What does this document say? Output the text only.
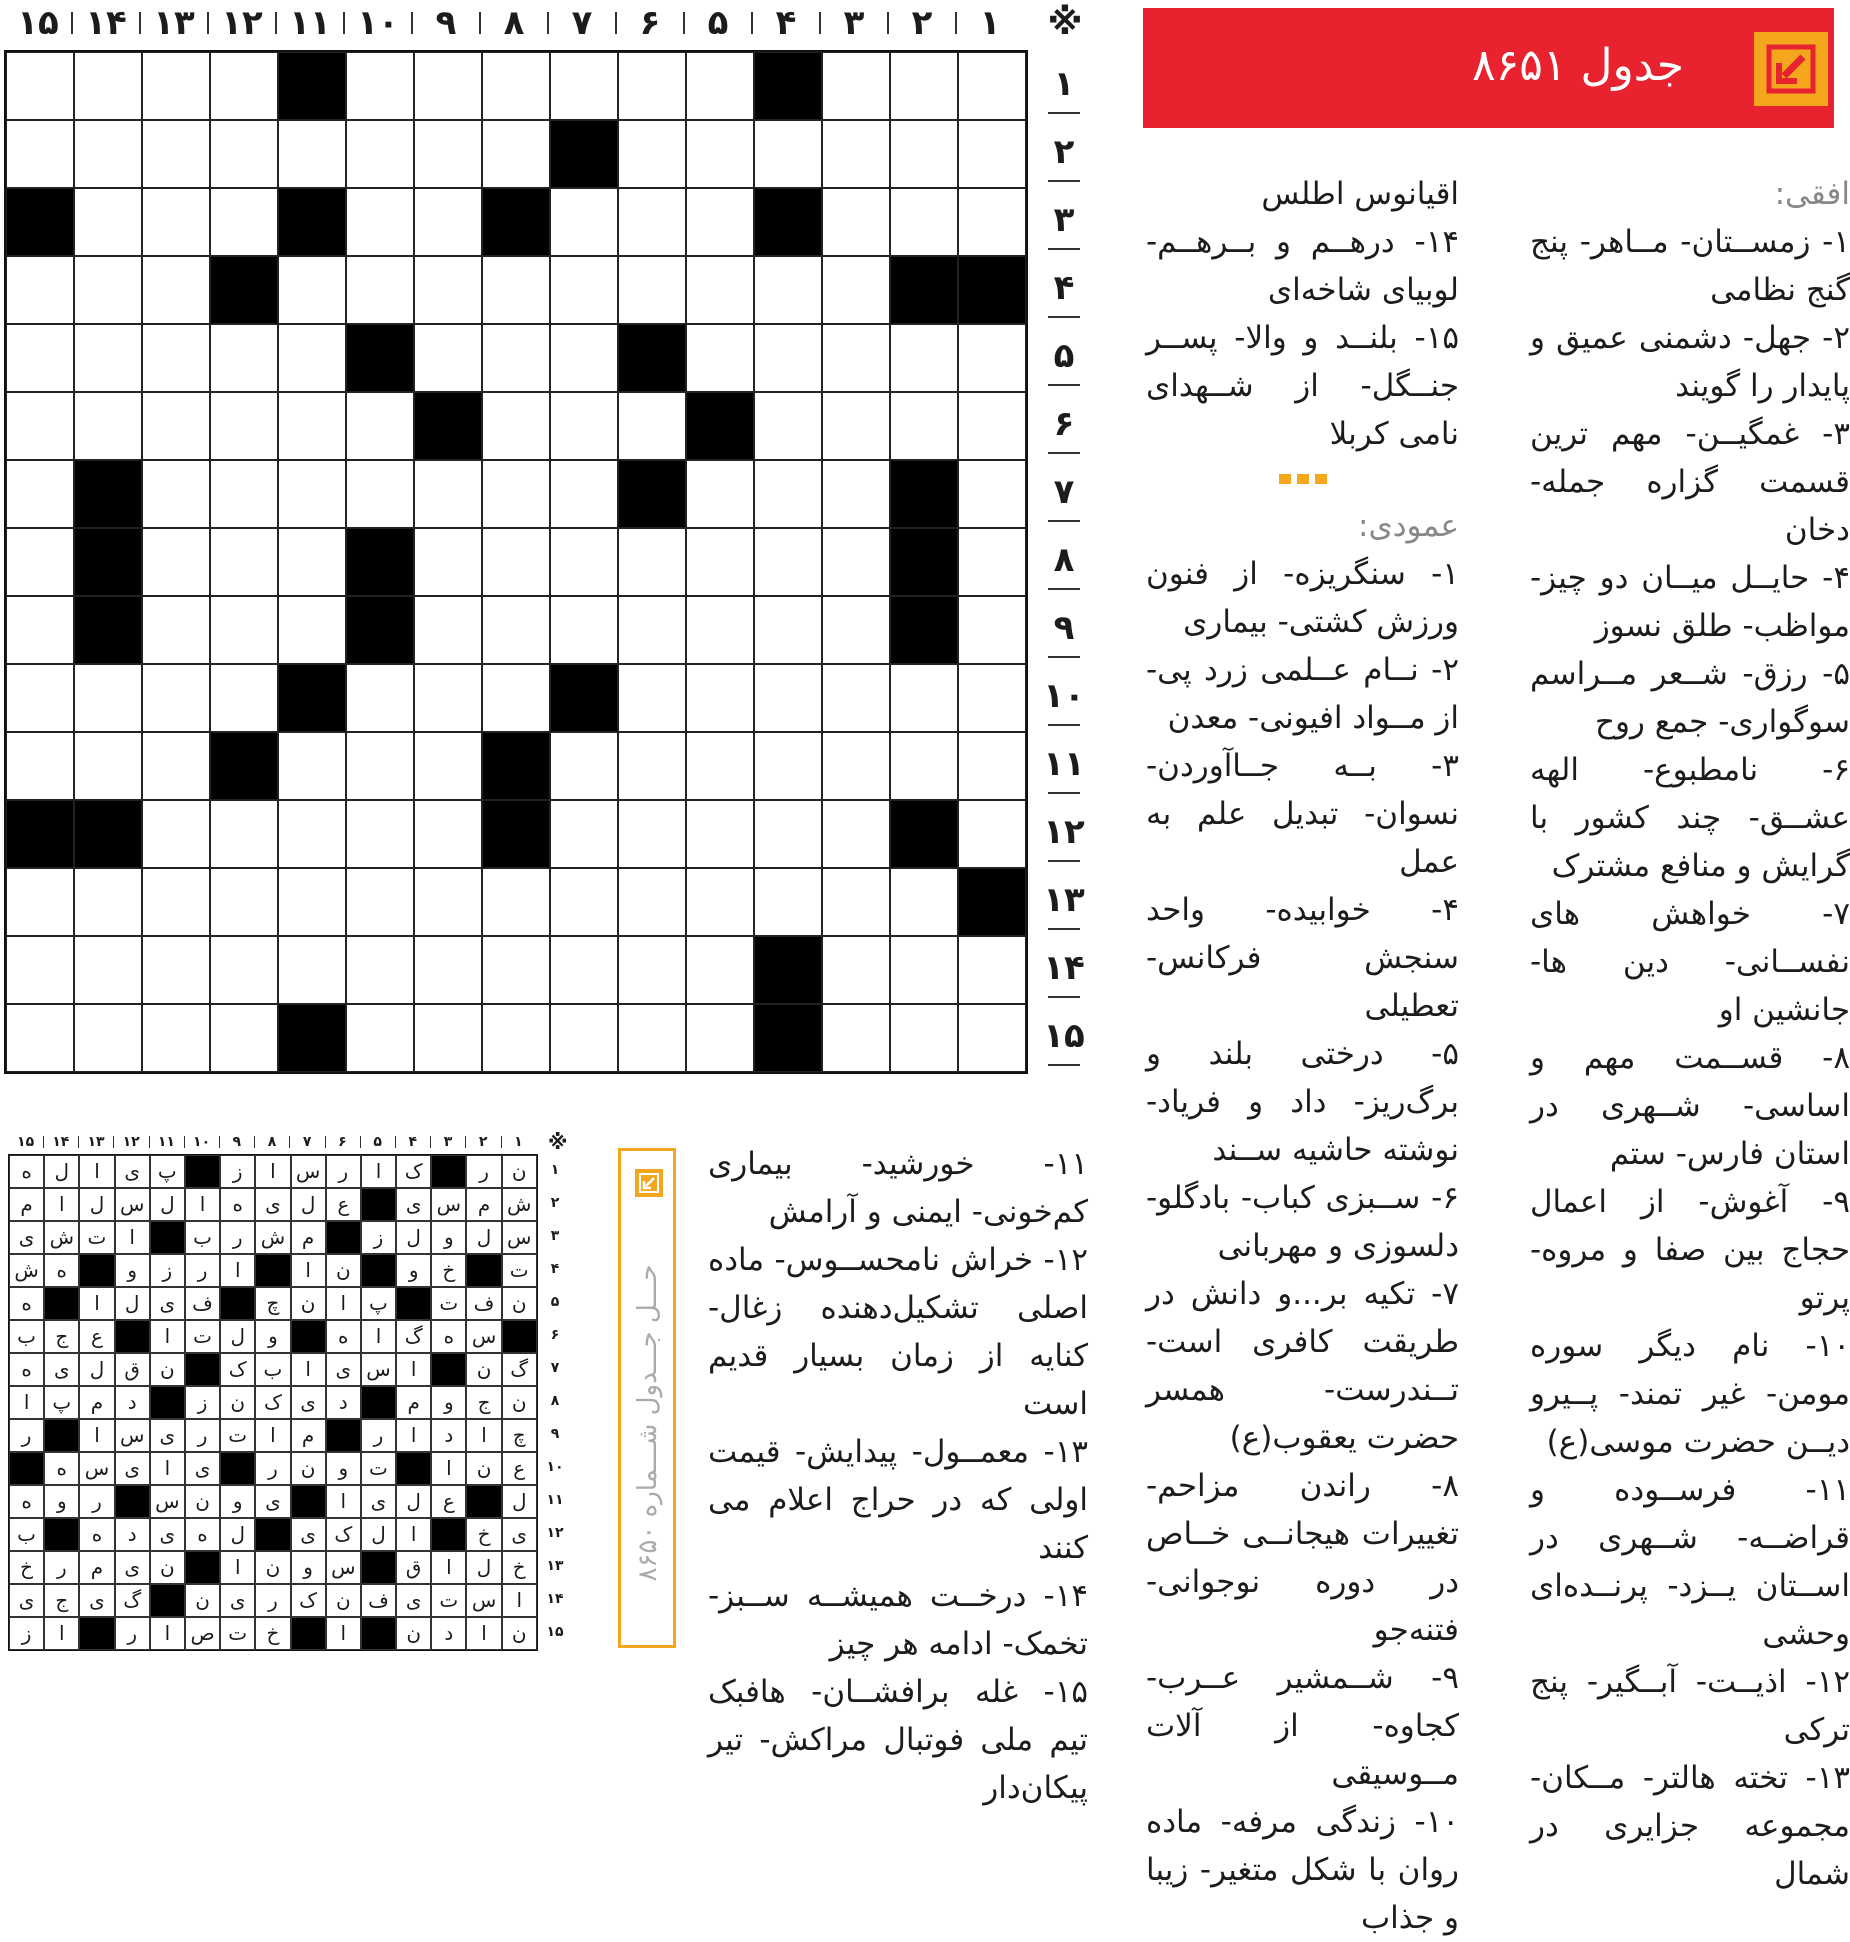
۱۵ ۱۴ ۱۳ ۱۲ ۱۱ ۱۰	۹	۸	۷	۶	۵	۴	۳	۲	۱	※
۱
۲
۳
۴
۵
۶
۷
۸
۹
۱۰
۱۱
۱۲
۱۳
۱۴
۱۵
جدول ۸۶۵۱
افقی:

۱- زمســتان- مــاهر- پنج گنج نظامی

۲- جهل- دشمنی عمیق و پایدار را گویند

۳- غمگیــن- مهم ترین قسمت گزاره جمله- دخان

۴- حایــل میــان دو چیز- مواظب- طلق نسوز

۵- رزق- شــعر مــراسم سوگواری- جمع روح

۶- نامطبوع- الهه عشــق- چند کشور با گرایش و منافع مشترک

۷- خواهش های نفســانی- دین ها- جانشین او

۸- قســمت مهم و اساسی- شــهری در استان فارس- ستم

۹- آغوش- از اعمال حجاج بین صفا و مروه- پرتو

۱۰- نام دیگر سوره مومن- غیر تمند- پــیرو دیــن حضرت موسی(ع)

۱۱- فرســوده و قراضــه- شــهری در اســتان یــزد- پرنــده‌ای وحشی

۱۲- اذیــت- آبــگیر- پنج ترکی

۱۳- تخته هالتر- مــکان- مجموعه جزایری در شمال

اقیانوس اطلس

۱۴- درهــم و بــرهــم- لوبیای شاخه‌ای

۱۵- بلنــد و والا- پســر جنــگل- از شــهدای نامی کربلا

عمودی:

۱- سنگریزه- از فنون ورزش کشتی- بیماری

۲- نــام عــلمی زرد پی- از مــواد افیونی- معدن

۳- بــه جــاآوردن- نسوان- تبدیل علم به عمل

۴- خوابیده- واحد سنجش فرکانس- تعطیلی

۵- درختی بلند و برگ‌ریز- داد و فریاد- نوشته حاشیه ســند

۶- ســبزی کباب- بادگلو- دلسوزی و مهربانی

۷- تکیه بر...و دانش در طریقت کافری است- تــندرست- همسر حضرت یعقوب(ع)

۸- راندن مزاحم- تغییرات هیجانــی خــاص در دوره نوجوانی- فتنه‌جو

۹- شــمشیر عــرب- کجاوه- از آلات مــوسیقی

۱۰- زندگی مرفه- ماده روان با شکل متغیر- زیبا و جذاب

۱۱- خورشید- بیماری کم‌خونی- ایمنی و آرامش

۱۲- خراش نامحســوس- ماده اصلی تشکیل‌دهنده زغال- کنایه از زمان بسیار قدیم است

۱۳- معمــول- پیدایش- قیمت اولی که در حراج اعلام می کنند

۱۴- درخــت همیشــه ســبز- تخمک- ادامه هر چیز

۱۵- غله برافشــان- هافبک تیم ملی فوتبال مراکش- تیر پیکان‌دار

حـــل جـــدول شـــماره ۸۶۵۰
۱۵	۱۴	۱۳	۱۲	۱۱	۱۰	۹	۸	۷	۶	۵	۴	۳	۲	۱	※
ه	ل	ا	ی پ	ز	ا	س ر	ا	ک	ر	ن
م	ا	ل س ل	ا	ه	ی	ل	ع	ی س م ش
ی ش ت	ا	ب	ر ش م	ز	ل	و	ل س
ش ه	و	ز	ر	ا	ا	ن	و	خ	ت
ه	ا	ل	ی ف	چ	ن	ا	پ	ت ف ن
ب ج	ع	ا	ت ل	و	ه	ا	گ	ه س
ه	ی	ل	ق	ن	ک ب	ا	ی س	ا	ن گ
ا	پ م	د	ز	ن ک ی	د	م	و	ج	ن
ر	ا	س ی	ر	ت	ا	م	ر	ا	د	ا	چ
ه س ی	ا	ی	ر	ن	و	ت	ا	ن	ع
ه	و	ر	س ن	و	ی	ا	ی	ل	ع	ل
ب	ه	د	ی	ه	ل	ی ک ل	ا	خ	ی
خ	ر	م	ی	ن	ا	ن	و س	ق	ا	ل	خ
ی	ج	ی گ	ن	ی	ر	ک ن ف ی ت س	ا
ز	ا	ر	ا	ص ت خ	ا	ن	د	ا	ن
۱
۲
۳
۴
۵
۶
۷
۸
۹
۱۰
۱۱
۱۲
۱۳
۱۴
۱۵
